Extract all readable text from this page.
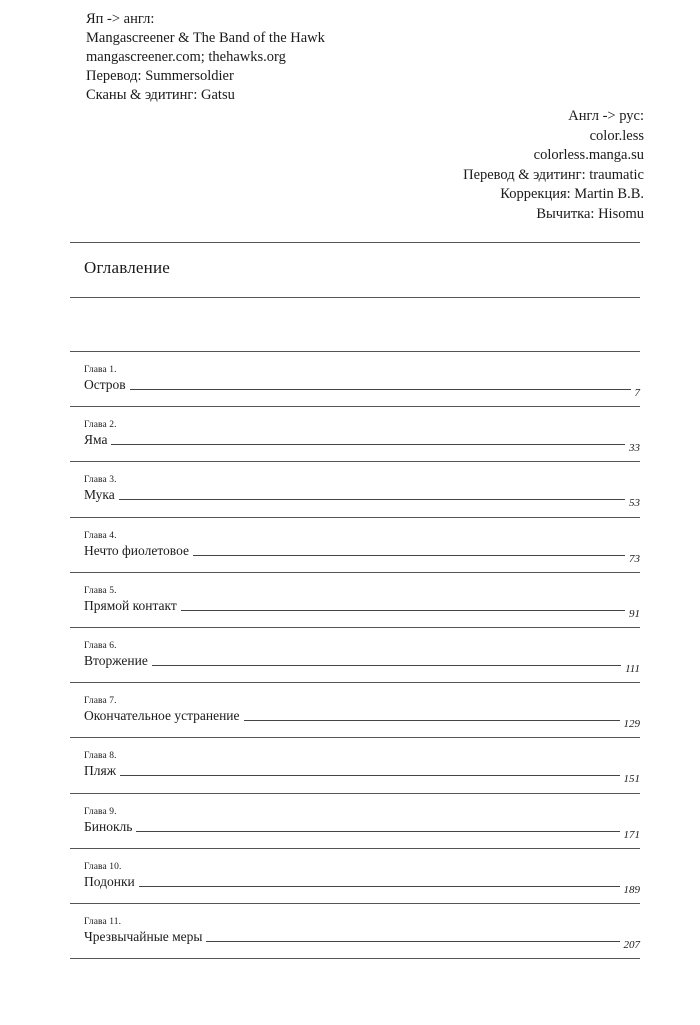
Яп -> англ:
Mangascreener & The Band of the Hawk
mangascreener.com; thehawks.org
Перевод: Summersoldier
Сканы & эдитинг: Gatsu
Англ -> рус:
color.less
colorless.manga.su
Перевод & эдитинг: traumatic
Коррекция: Martin B.B.
Вычитка: Hisomu
Оглавление
Глава 1.
Остров
7
Глава 2.
Яма
33
Глава 3.
Мука
53
Глава 4.
Нечто фиолетовое
73
Глава 5.
Прямой контакт
91
Глава 6.
Вторжение
111
Глава 7.
Окончательное устранение
129
Глава 8.
Пляж
151
Глава 9.
Бинокль
171
Глава 10.
Подонки
189
Глава 11.
Чрезвычайные меры
207
